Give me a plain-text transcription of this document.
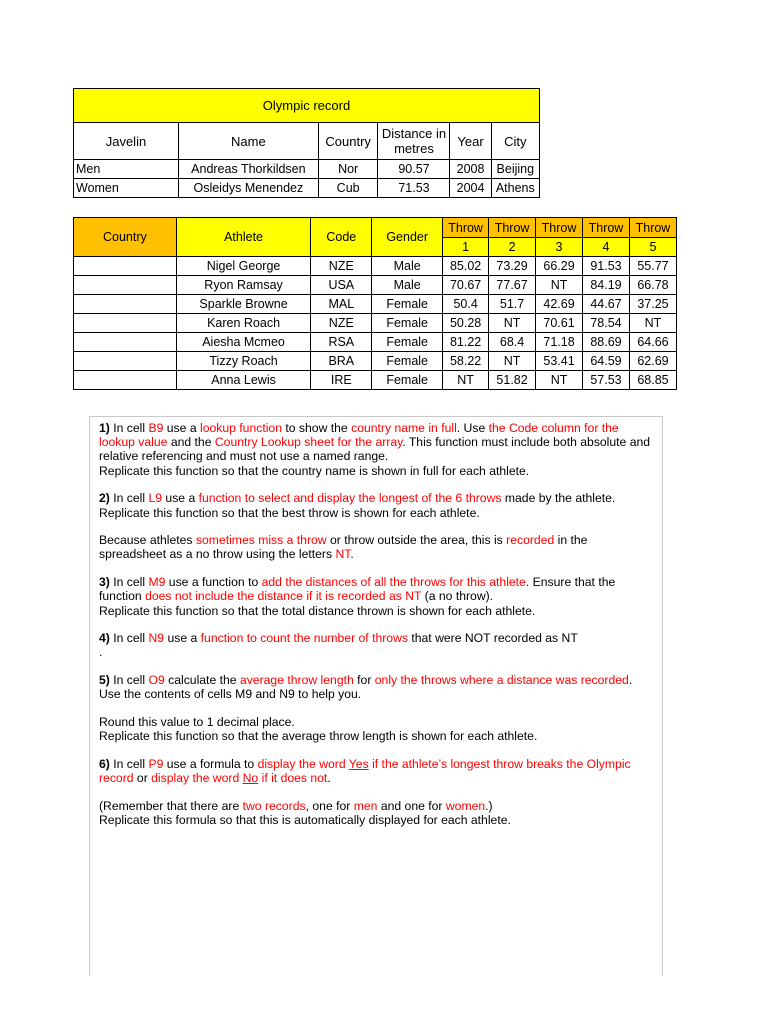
Olympic record					
Javelin	Name	Country	Distance in metres	Year	City
Men	Andreas Thorkildsen	Nor	90.57	2008	Beijing
Women	Osleidys Menendez	Cub	71.53	2004	Athens
Country	Athlete	Code	Gender	Throw	Throw	Throw	Throw	Throw
				1	2	3	4	5
	Nigel George	NZE	Male	85.02	73.29	66.29	91.53	55.77
	Ryon Ramsay	USA	Male	70.67	77.67	NT	84.19	66.78
	Sparkle Browne	MAL	Female	50.4	51.7	42.69	44.67	37.25
	Karen Roach	NZE	Female	50.28	NT	70.61	78.54	NT
	Aiesha Mcmeo	RSA	Female	81.22	68.4	71.18	88.69	64.66
	Tizzy Roach	BRA	Female	58.22	NT	53.41	64.59	62.69
	Anna Lewis	IRE	Female	NT	51.82	NT	57.53	68.85

1) In cell B9 use a lookup function to show the country name in full. Use the Code column for the lookup value and the Country Lookup sheet for the array. This function must include both absolute and relative referencing and must not use a named range.
Replicate this function so that the country name is shown in full for each athlete.

2) In cell L9 use a function to select and display the longest of the 6 throws made by the athlete. Replicate this function so that the best throw is shown for each athlete.

Because athletes sometimes miss a throw or throw outside the area, this is recorded in the spreadsheet as a no throw using the letters NT.

3) In cell M9 use a function to add the distances of all the throws for this athlete. Ensure that the function does not include the distance if it is recorded as NT (a no throw).
Replicate this function so that the total distance thrown is shown for each athlete.

4) In cell N9 use a function to count the number of throws that were NOT recorded as NT
.

5) In cell O9 calculate the average throw length for only the throws where a distance was recorded. Use the contents of cells M9 and N9 to help you.

Round this value to 1 decimal place.
Replicate this function so that the average throw length is shown for each athlete.

6) In cell P9 use a formula to display the word Yes if the athlete’s longest throw breaks the Olympic record or display the word No if it does not.

(Remember that there are two records, one for men and one for women.)
Replicate this formula so that this is automatically displayed for each athlete.
